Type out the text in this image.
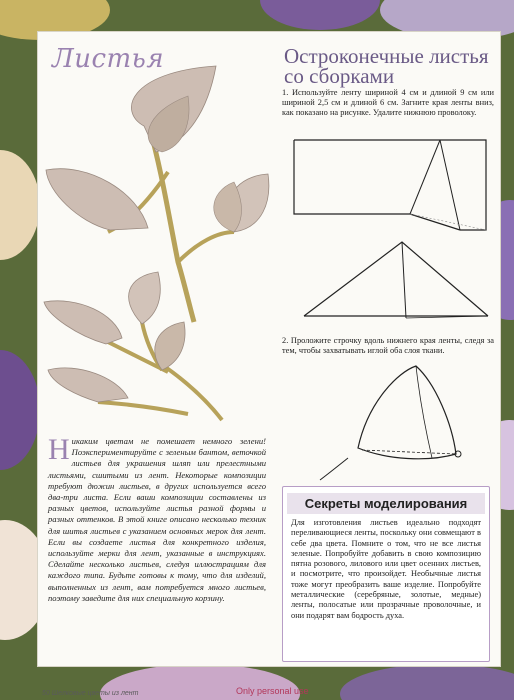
Листья	Остроконечные листья со сборками
1. Используйте ленту шириной 4 см и длиной 9 см или шириной 2,5 см и длиной 6 см. Загните края ленты вниз, как показано на рисунке. Удалите нижнюю проволоку.
2. Проложите строчку вдоль нижнего края ленты, следя за тем, чтобы захватывать иглой оба слоя ткани.
Никаким цветам не помешает немного зелени! Поэкспериментируйте с зеленым бантом, веточкой листьев для украшения шляп или прелестными листьями, сшитыми из лент. Некоторые композиции требуют дюжин листьев, в других используется всего два-три листа. Если ваши композиции составлены из разных цветов, используйте листья разной формы и разных оттенков. В этой книге описано несколько техник для шитья листьев с указанием основных мерок для лент. Если вы создаете листья для конкретного изделия, используйте мерки для лент, указанные в инструкциях. Сделайте несколько листьев, следуя иллюстрациям для каждого типа. Будьте готовы к тому, что для изделий, выполненных из лент, вам потребуется много листьев, поэтому заведите для них специальную корзину.
Секреты моделирования
Для изготовления листьев идеально подходят переливающиеся ленты, поскольку они совмещают в себе два цвета. Помните о том, что не все листья зеленые. Попробуйте добавить в свою композицию пятна розового, лилового или цвет осенних листьев, и посмотрите, что произойдет. Необычные листья тоже могут преобразить ваше изделие. Попробуйте металлические (серебряные, золотые, медные) ленты, полосатые или прозрачные проволочные, и они подарят вам бодрость духа.
50 Шелковые цветы из лент	Only personal use
